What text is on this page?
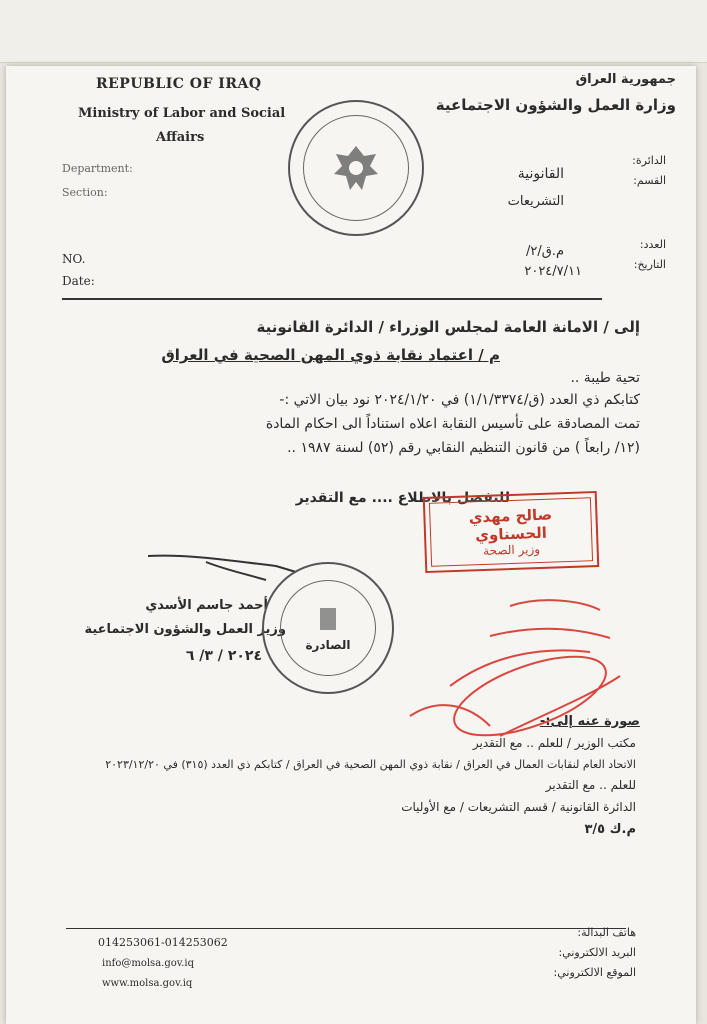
REPUBLIC OF IRAQ
Ministry of Labor and Social
Affairs
Department:
Section:
NO.
Date:
جمهورية العراق
وزارة العمل والشؤون الاجتماعية
الدائرة:
القسم:
القانونية
التشريعات
العدد:
التاريخ:
م.ق/٢/
٢٠٢٤/٧/١١
إلى / الامانة العامة لمجلس الوزراء / الدائرة القانونية
م / اعتماد نقابة ذوي المهن الصحية في العراق
تحية طيبة ..
كتابكم ذي العدد (ق/١/١/٣٣٧٤) في ٢٠٢٤/١/٢٠ نود بيان الاتي :-
تمت المصادقة على تأسيس النقابة اعلاه استناداً الى احكام المادة
(١٢/ رابعاً ) من قانون التنظيم النقابي رقم (٥٢) لسنة ١٩٨٧ ..
للتفضل بالاطلاع .... مع التقدير
صالح مهدي الحسناوي
وزير الصحة
أحمد جاسم الأسدي
وزير العمل والشؤون الاجتماعية
٢٠٢٤ / ٣/ ٦
الصادرة
صورة عنه إلى:-
مكتب الوزير / للعلم .. مع التقدير
الاتحاد العام لنقابات العمال في العراق / نقابة ذوي المهن الصحية في العراق / كتابكم ذي العدد (٣١٥) في ٢٠٢٣/١٢/٢٠
للعلم .. مع التقدير
الدائرة القانونية / قسم التشريعات / مع الأوليات
م.ك ٣/٥
014253061-014253062
info@molsa.gov.iq
www.molsa.gov.iq
هاتف البدالة:
البريد الالكتروني:
الموقع الالكتروني:
